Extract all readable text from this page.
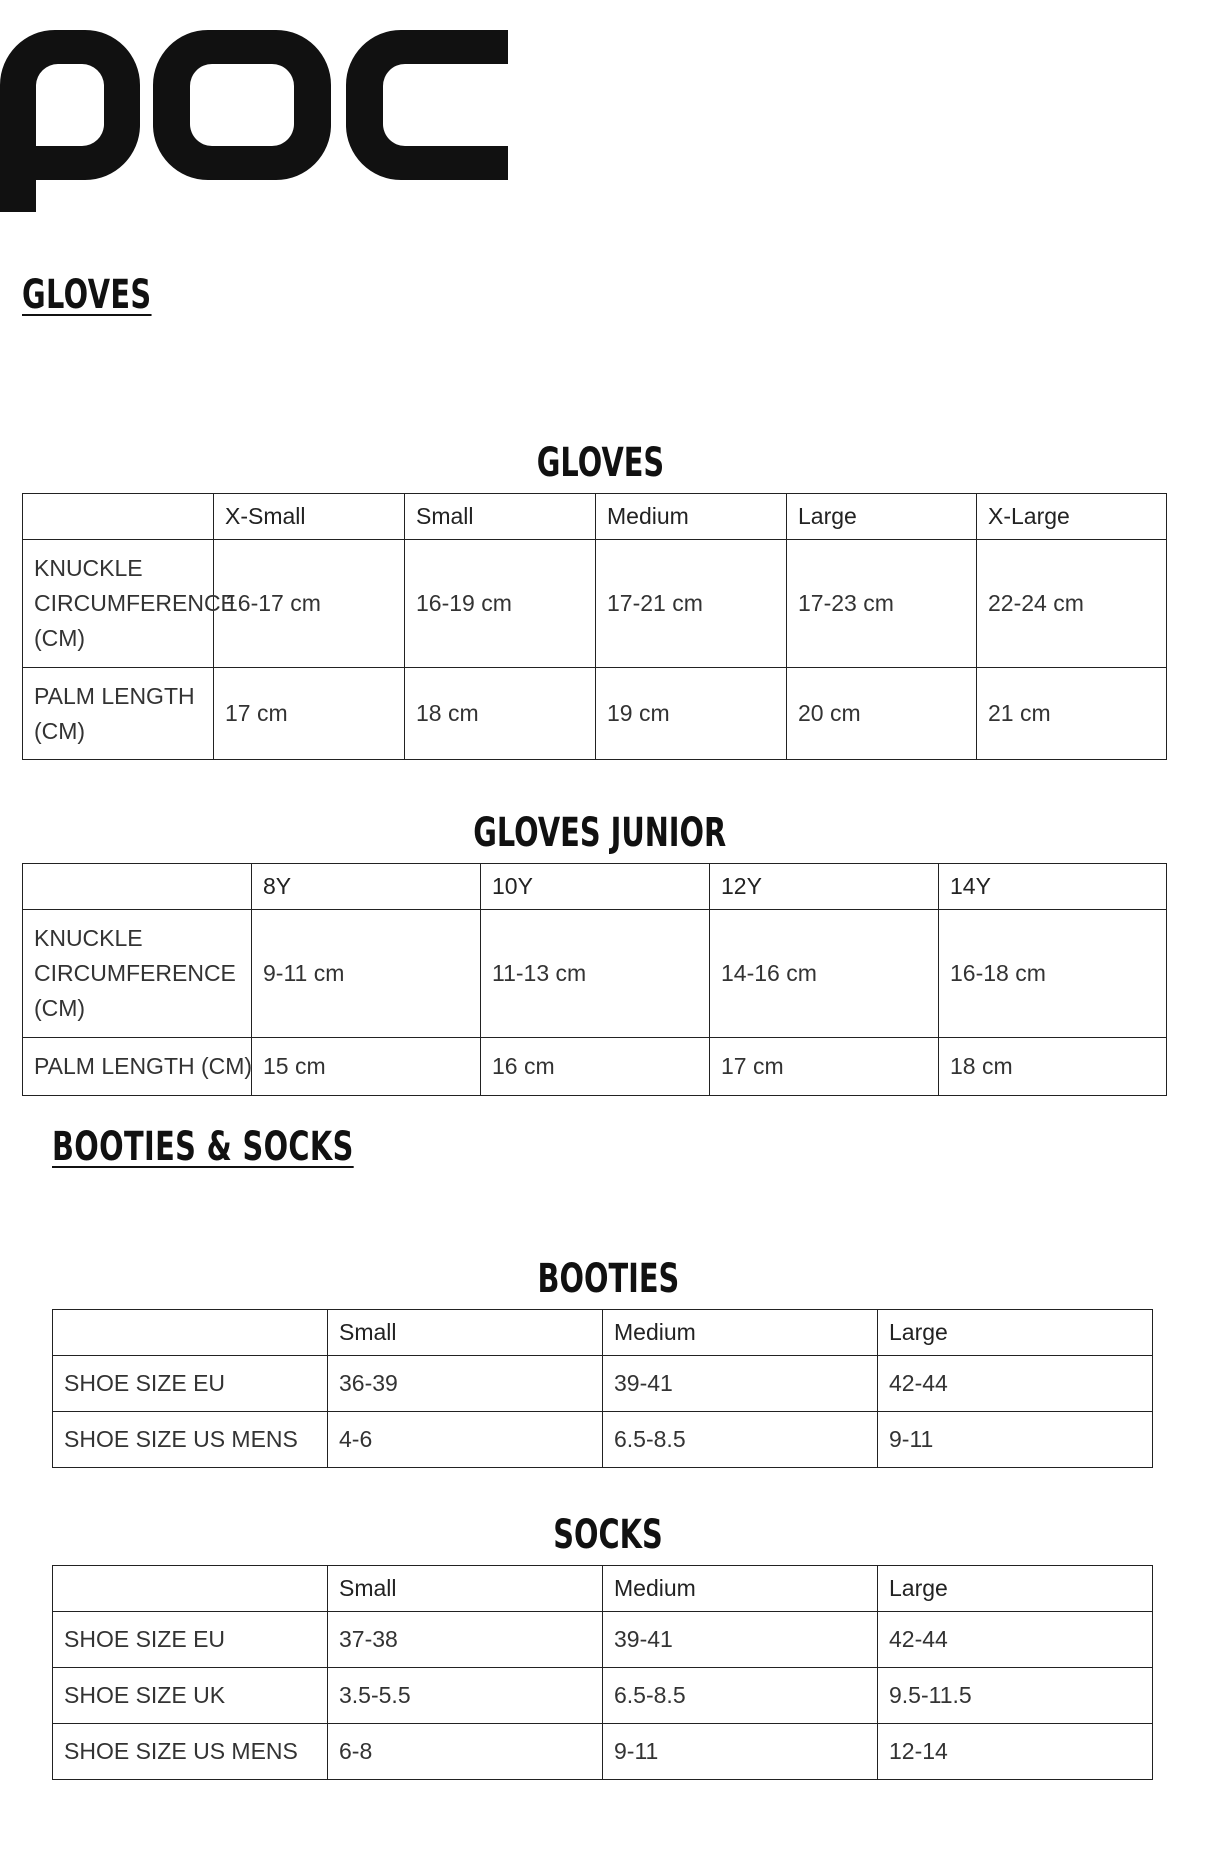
GLOVES
GLOVES
	X-Small	Small	Medium	Large	X-Large
KNUCKLE CIRCUMFERENCE (CM)	16-17 cm	16-19 cm	17-21 cm	17-23 cm	22-24 cm
PALM LENGTH (CM)	17 cm	18 cm	19 cm	20 cm	21 cm
GLOVES JUNIOR
	8Y	10Y	12Y	14Y
KNUCKLE CIRCUMFERENCE (CM)	9-11 cm	11-13 cm	14-16 cm	16-18 cm
PALM LENGTH (CM)	15 cm	16 cm	17 cm	18 cm
BOOTIES & SOCKS
BOOTIES
	Small	Medium	Large
SHOE SIZE EU	36-39	39-41	42-44
SHOE SIZE US MENS	4-6	6.5-8.5	9-11
SOCKS
	Small	Medium	Large
SHOE SIZE EU	37-38	39-41	42-44
SHOE SIZE UK	3.5-5.5	6.5-8.5	9.5-11.5
SHOE SIZE US MENS	6-8	9-11	12-14
